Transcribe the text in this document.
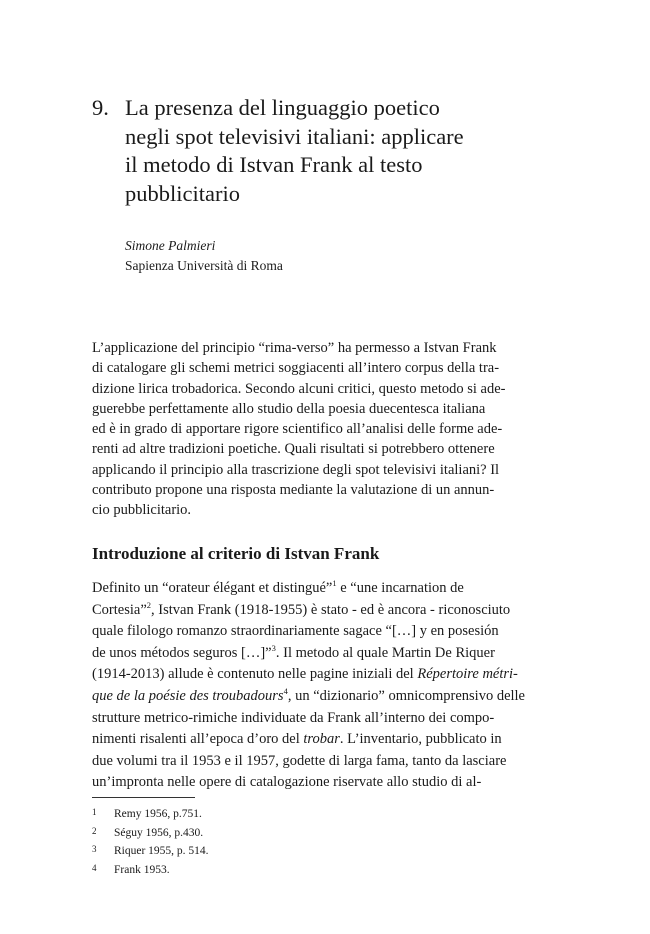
9. La presenza del linguaggio poetico
negli spot televisivi italiani: applicare
il metodo di Istvan Frank al testo
pubblicitario
Simone Palmieri
Sapienza Università di Roma
L’applicazione del principio “rima-verso” ha permesso a Istvan Frank
di catalogare gli schemi metrici soggiacenti all’intero corpus della tra-
dizione lirica trobadorica. Secondo alcuni critici, questo metodo si ade-
guerebbe perfettamente allo studio della poesia duecentesca italiana
ed è in grado di apportare rigore scientifico all’analisi delle forme ade-
renti ad altre tradizioni poetiche. Quali risultati si potrebbero ottenere
applicando il principio alla trascrizione degli spot televisivi italiani? Il
contributo propone una risposta mediante la valutazione di un annun-
cio pubblicitario.
Introduzione al criterio di Istvan Frank
Definito un “orateur élégant et distingué”$^1$ e “une incarnation de
Cortesia”$^2$, Istvan Frank (1918-1955) è stato - ed è ancora - riconosciuto
quale filologo romanzo straordinariamente sagace “[…] y en posesión
de unos métodos seguros […]”$^3$. Il metodo al quale Martin De Riquer
(1914-2013) allude è contenuto nelle pagine iniziali del Répertoire métri-
que de la poésie des troubadours$^4$, un “dizionario” omnicomprensivo delle
strutture metrico-rimiche individuate da Frank all’interno dei compo-
nimenti risalenti all’epoca d’oro del trobar. L’inventario, pubblicato in
due volumi tra il 1953 e il 1957, godette di larga fama, tanto da lasciare
un’impronta nelle opere di catalogazione riservate allo studio di al-
1 Remy 1956, p.751.
2 Séguy 1956, p.430.
3 Riquer 1955, p. 514.
4 Frank 1953.
